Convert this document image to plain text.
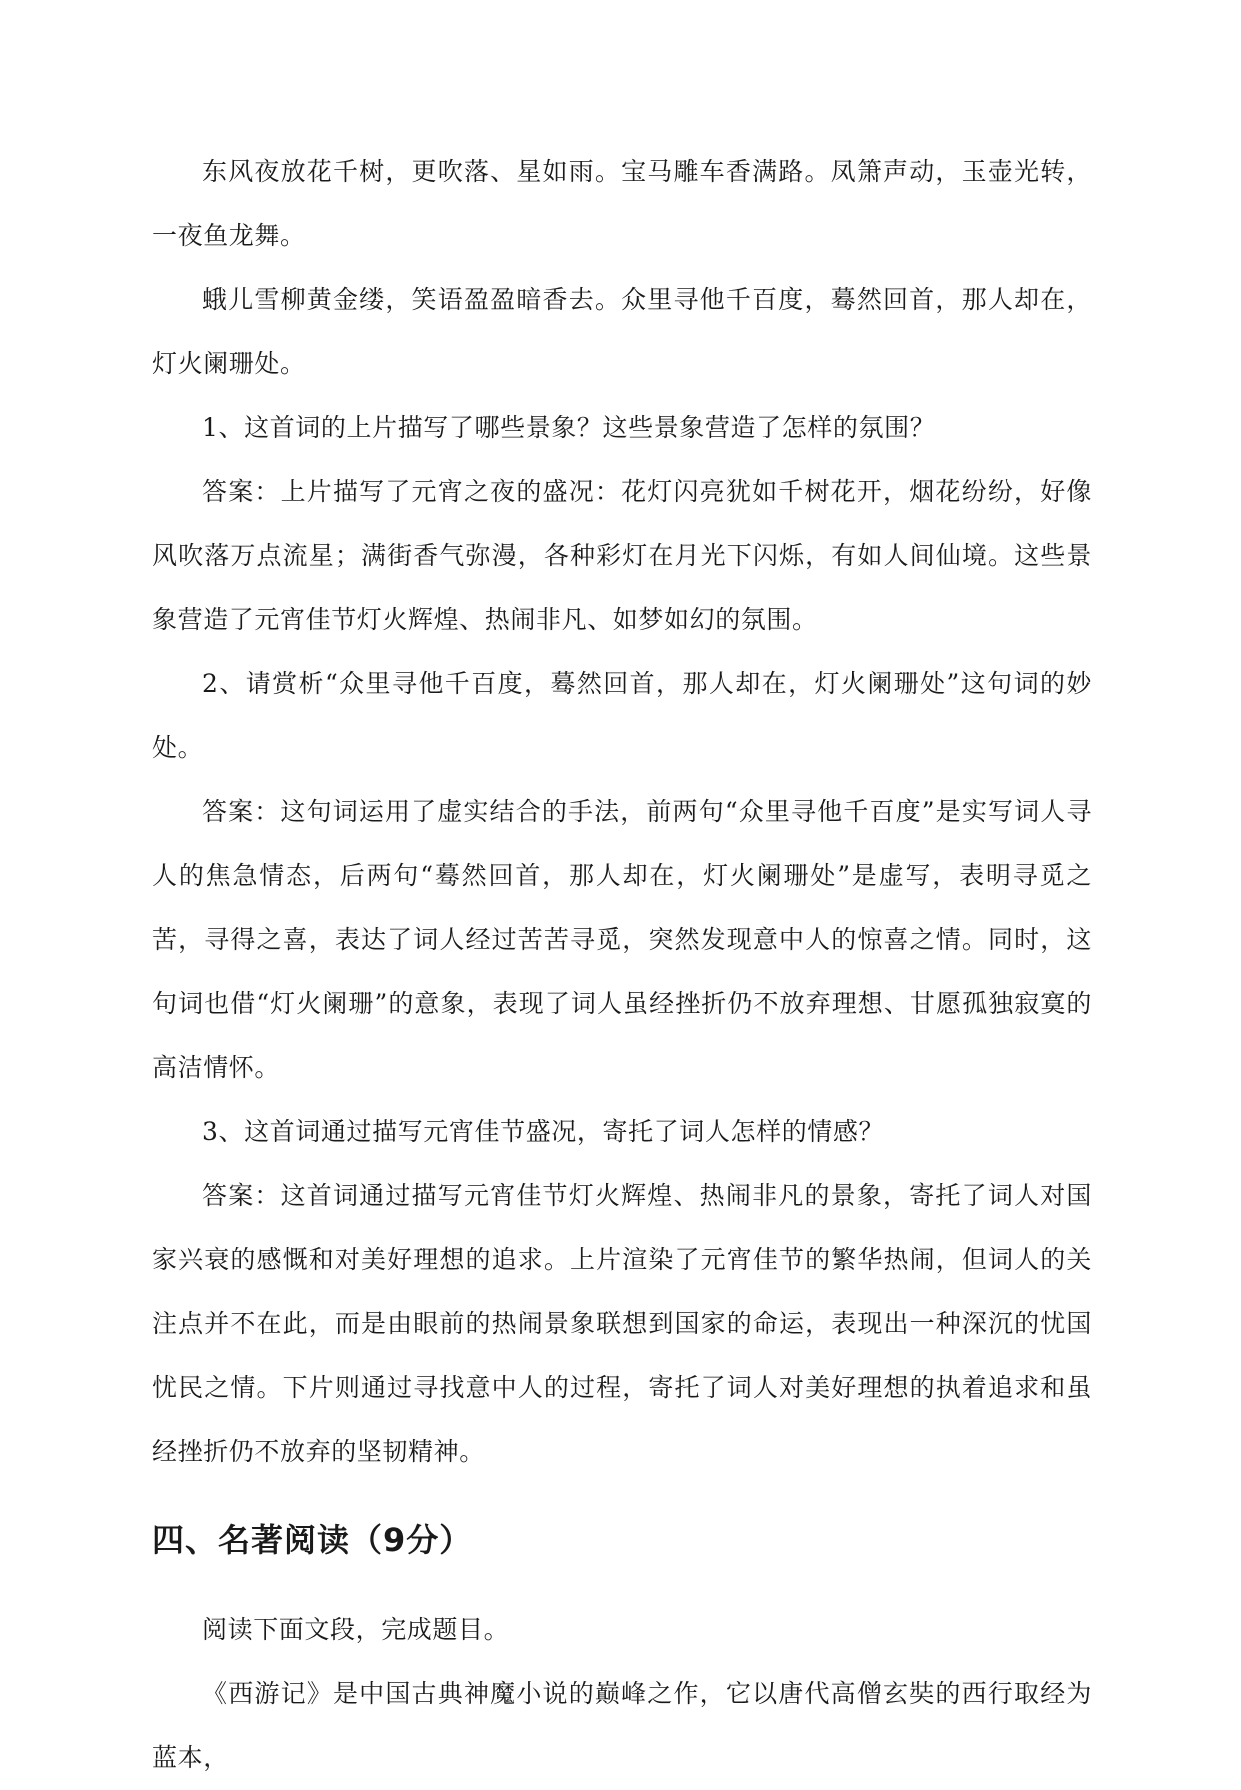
东风夜放花千树，更吹落、星如雨。宝马雕车香满路。凤箫声动，玉壶光转，一夜鱼龙舞。

蛾儿雪柳黄金缕，笑语盈盈暗香去。众里寻他千百度，蓦然回首，那人却在，灯火阑珊处。

1、这首词的上片描写了哪些景象？这些景象营造了怎样的氛围？

答案：上片描写了元宵之夜的盛况：花灯闪亮犹如千树花开，烟花纷纷，好像风吹落万点流星；满街香气弥漫，各种彩灯在月光下闪烁，有如人间仙境。这些景象营造了元宵佳节灯火辉煌、热闹非凡、如梦如幻的氛围。

2、请赏析“众里寻他千百度，蓦然回首，那人却在，灯火阑珊处”这句词的妙处。

答案：这句词运用了虚实结合的手法，前两句“众里寻他千百度”是实写词人寻人的焦急情态，后两句“蓦然回首，那人却在，灯火阑珊处”是虚写，表明寻觅之苦，寻得之喜，表达了词人经过苦苦寻觅，突然发现意中人的惊喜之情。同时，这句词也借“灯火阑珊”的意象，表现了词人虽经挫折仍不放弃理想、甘愿孤独寂寞的高洁情怀。

3、这首词通过描写元宵佳节盛况，寄托了词人怎样的情感？

答案：这首词通过描写元宵佳节灯火辉煌、热闹非凡的景象，寄托了词人对国家兴衰的感慨和对美好理想的追求。上片渲染了元宵佳节的繁华热闹，但词人的关注点并不在此，而是由眼前的热闹景象联想到国家的命运，表现出一种深沉的忧国忧民之情。下片则通过寻找意中人的过程，寄托了词人对美好理想的执着追求和虽经挫折仍不放弃的坚韧精神。

四、名著阅读（9分）

阅读下面文段，完成题目。

《西游记》是中国古典神魔小说的巅峰之作，它以唐代高僧玄奘的西行取经为蓝本，
